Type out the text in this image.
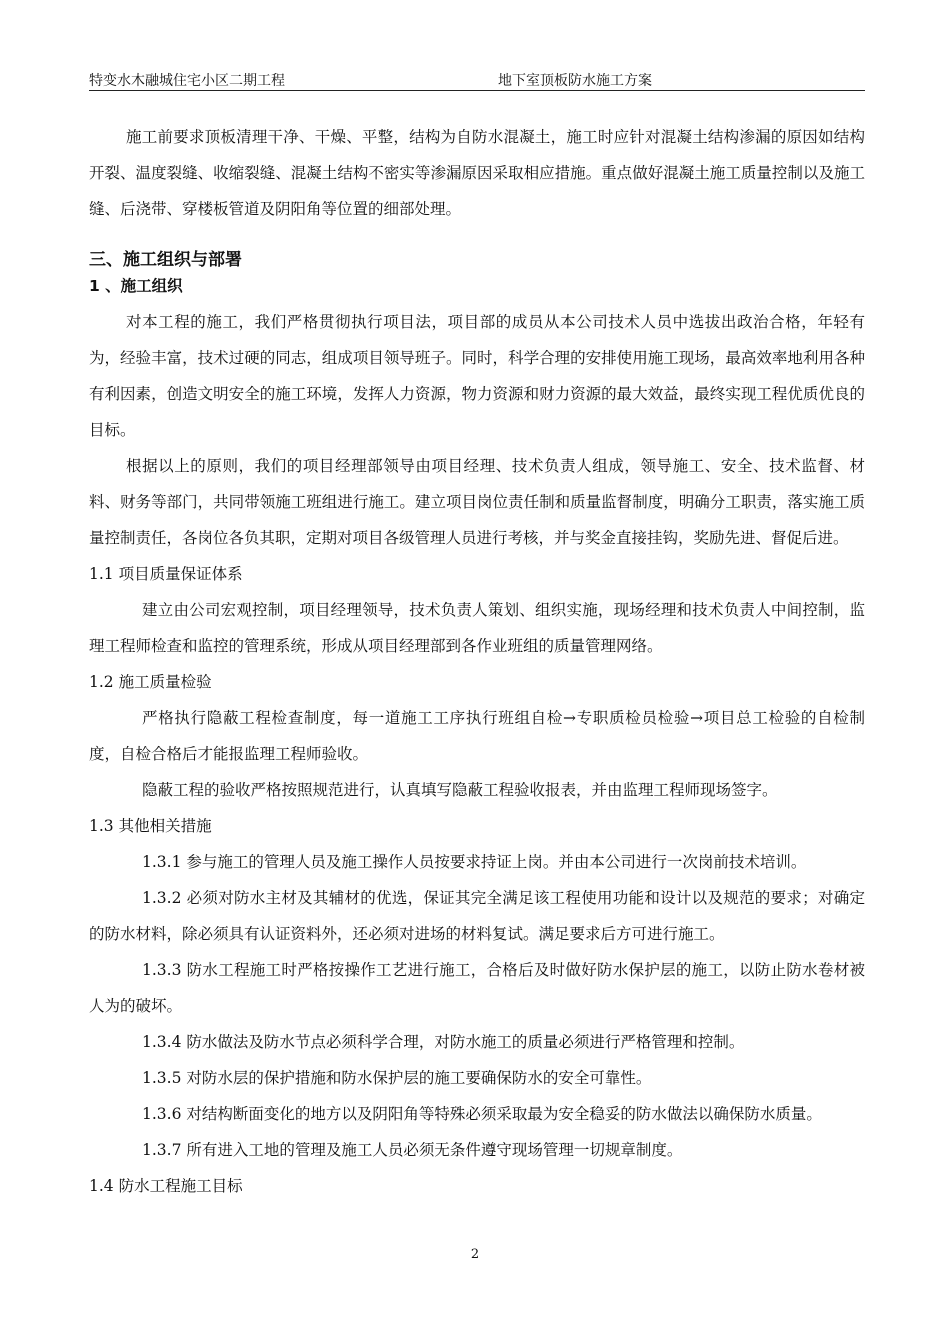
特变水木融城住宅小区二期工程	地下室顶板防水施工方案

施工前要求顶板清理干净、干燥、平整，结构为自防水混凝土，施工时应针对混凝土结构渗漏的原因如结构开裂、温度裂缝、收缩裂缝、混凝土结构不密实等渗漏原因采取相应措施。重点做好混凝土施工质量控制以及施工缝、后浇带、穿楼板管道及阴阳角等位置的细部处理。

三、施工组织与部署
1 、施工组织

对本工程的施工，我们严格贯彻执行项目法，项目部的成员从本公司技术人员中选拔出政治合格，年轻有为，经验丰富，技术过硬的同志，组成项目领导班子。同时，科学合理的安排使用施工现场，最高效率地利用各种有利因素，创造文明安全的施工环境，发挥人力资源，物力资源和财力资源的最大效益，最终实现工程优质优良的目标。

根据以上的原则，我们的项目经理部领导由项目经理、技术负责人组成，领导施工、安全、技术监督、材料、财务等部门，共同带领施工班组进行施工。建立项目岗位责任制和质量监督制度，明确分工职责，落实施工质量控制责任，各岗位各负其职，定期对项目各级管理人员进行考核，并与奖金直接挂钩，奖励先进、督促后进。

1.1 项目质量保证体系

建立由公司宏观控制，项目经理领导，技术负责人策划、组织实施，现场经理和技术负责人中间控制，监理工程师检查和监控的管理系统，形成从项目经理部到各作业班组的质量管理网络。

1.2 施工质量检验

严格执行隐蔽工程检查制度，每一道施工工序执行班组自检→专职质检员检验→项目总工检验的自检制度，自检合格后才能报监理工程师验收。

隐蔽工程的验收严格按照规范进行，认真填写隐蔽工程验收报表，并由监理工程师现场签字。

1.3 其他相关措施

1.3.1 参与施工的管理人员及施工操作人员按要求持证上岗。并由本公司进行一次岗前技术培训。

1.3.2 必须对防水主材及其辅材的优选，保证其完全满足该工程使用功能和设计以及规范的要求；对确定的防水材料，除必须具有认证资料外，还必须对进场的材料复试。满足要求后方可进行施工。

1.3.3 防水工程施工时严格按操作工艺进行施工，合格后及时做好防水保护层的施工，以防止防水卷材被人为的破坏。

1.3.4 防水做法及防水节点必须科学合理，对防水施工的质量必须进行严格管理和控制。

1.3.5 对防水层的保护措施和防水保护层的施工要确保防水的安全可靠性。

1.3.6 对结构断面变化的地方以及阴阳角等特殊必须采取最为安全稳妥的防水做法以确保防水质量。

1.3.7 所有进入工地的管理及施工人员必须无条件遵守现场管理一切规章制度。

1.4 防水工程施工目标

2
